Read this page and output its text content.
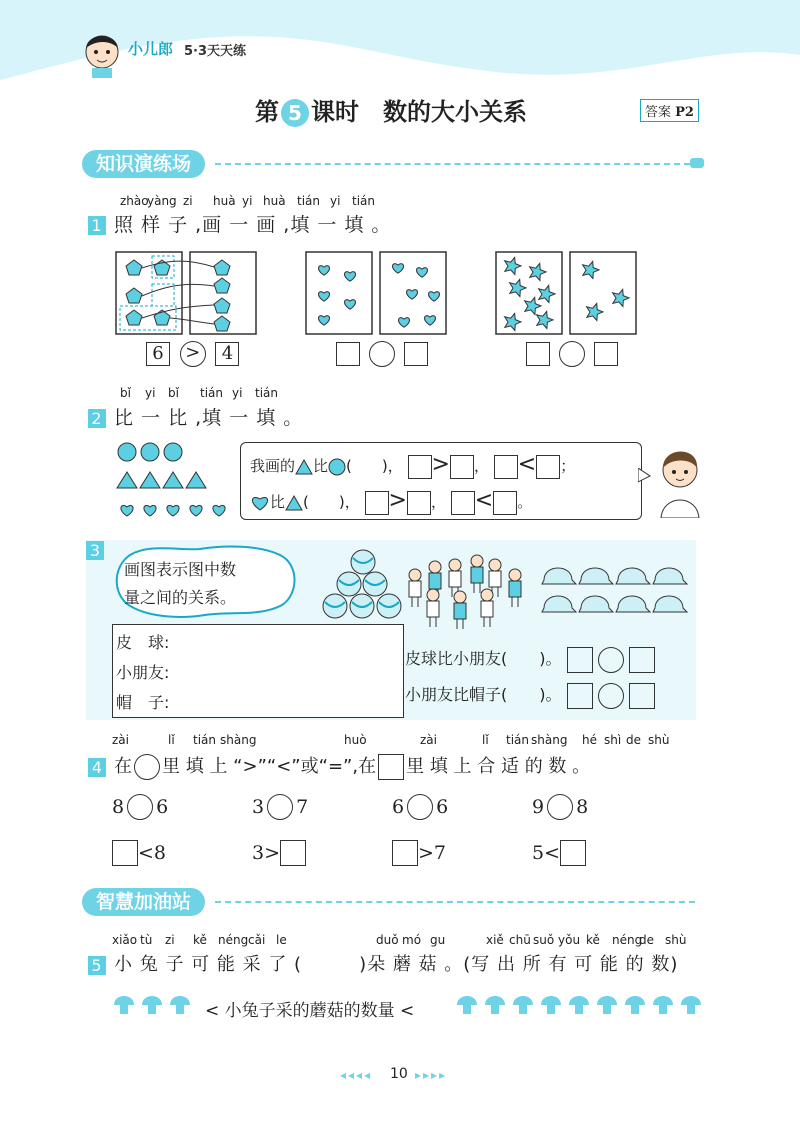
小儿郎 5·3天天练
第 5 课时 数的大小关系	答案 P2
知识演练场
zhào
yàng zi huà yi huà tián yi tián
1 照 样 子 ,画 一 画 ,填 一 填 。
6 > 4

bǐ yi bǐ tián yi tián
2 比 一 比 ,填 一 填 。
我画的 比 (　　)， > ， < ；
比 (　　)， > ， < 。
3
画图表示图中数
量之间的关系。
皮　球:
小朋友:
帽　子:
皮球比小朋友(　　)。
小朋友比帽子(　　)。
zài	lǐ tián shàng	huò	zài	lǐ tián shàng hé shì de shù
4 在 里 填 上 “>”“<”或“=”,在 里 填 上 合 适 的 数 。
8 6	3 7	6 6	9 8
<8	3>	>7	5<
智慧加油站
xiǎo tù zi kě néng cǎi le	duǒ mó gu	xiě chū suǒ yǒu kě néng
de shù
5 小 兔 子 可 能 采 了 (　　　)朵 蘑 菇 。(写 出 所 有 可 能 的 数)
< 小兔子采的蘑菇的数量 <
◂◂◂◂ 10 ▸▸▸▸
